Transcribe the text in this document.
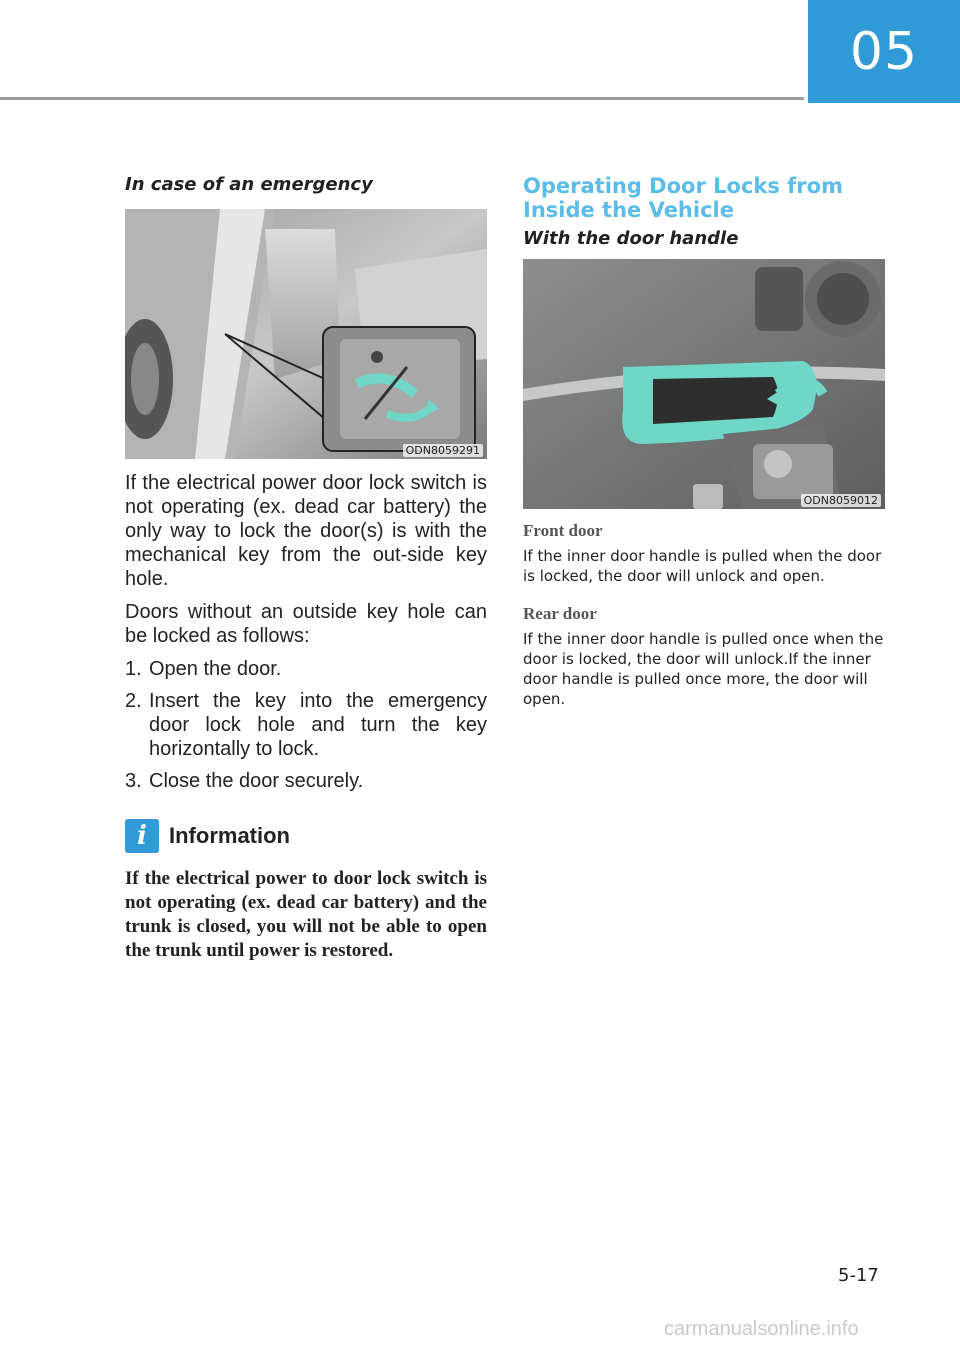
05
In case of an emergency
ODN8059291

If the electrical power door lock switch is not operating (ex. dead car battery) the only way to lock the door(s) is with the mechanical key from the out-side key hole.

Doors without an outside key hole can be locked as follows:

1. Open the door.
2. Insert the key into the emergency door lock hole and turn the key horizontally to lock.
3. Close the door securely.
i	Information
If the electrical power to door lock switch is not operating (ex. dead car battery) and the trunk is closed, you will not be able to open the trunk until power is restored.
Operating Door Locks from Inside the Vehicle
With the door handle
ODN8059012
Front door
If the inner door handle is pulled when the door is locked, the door will unlock and open.
Rear door
If the inner door handle is pulled once when the door is locked, the door will unlock.If the inner door handle is pulled once more, the door will open.
5-17
carmanualsonline.info
